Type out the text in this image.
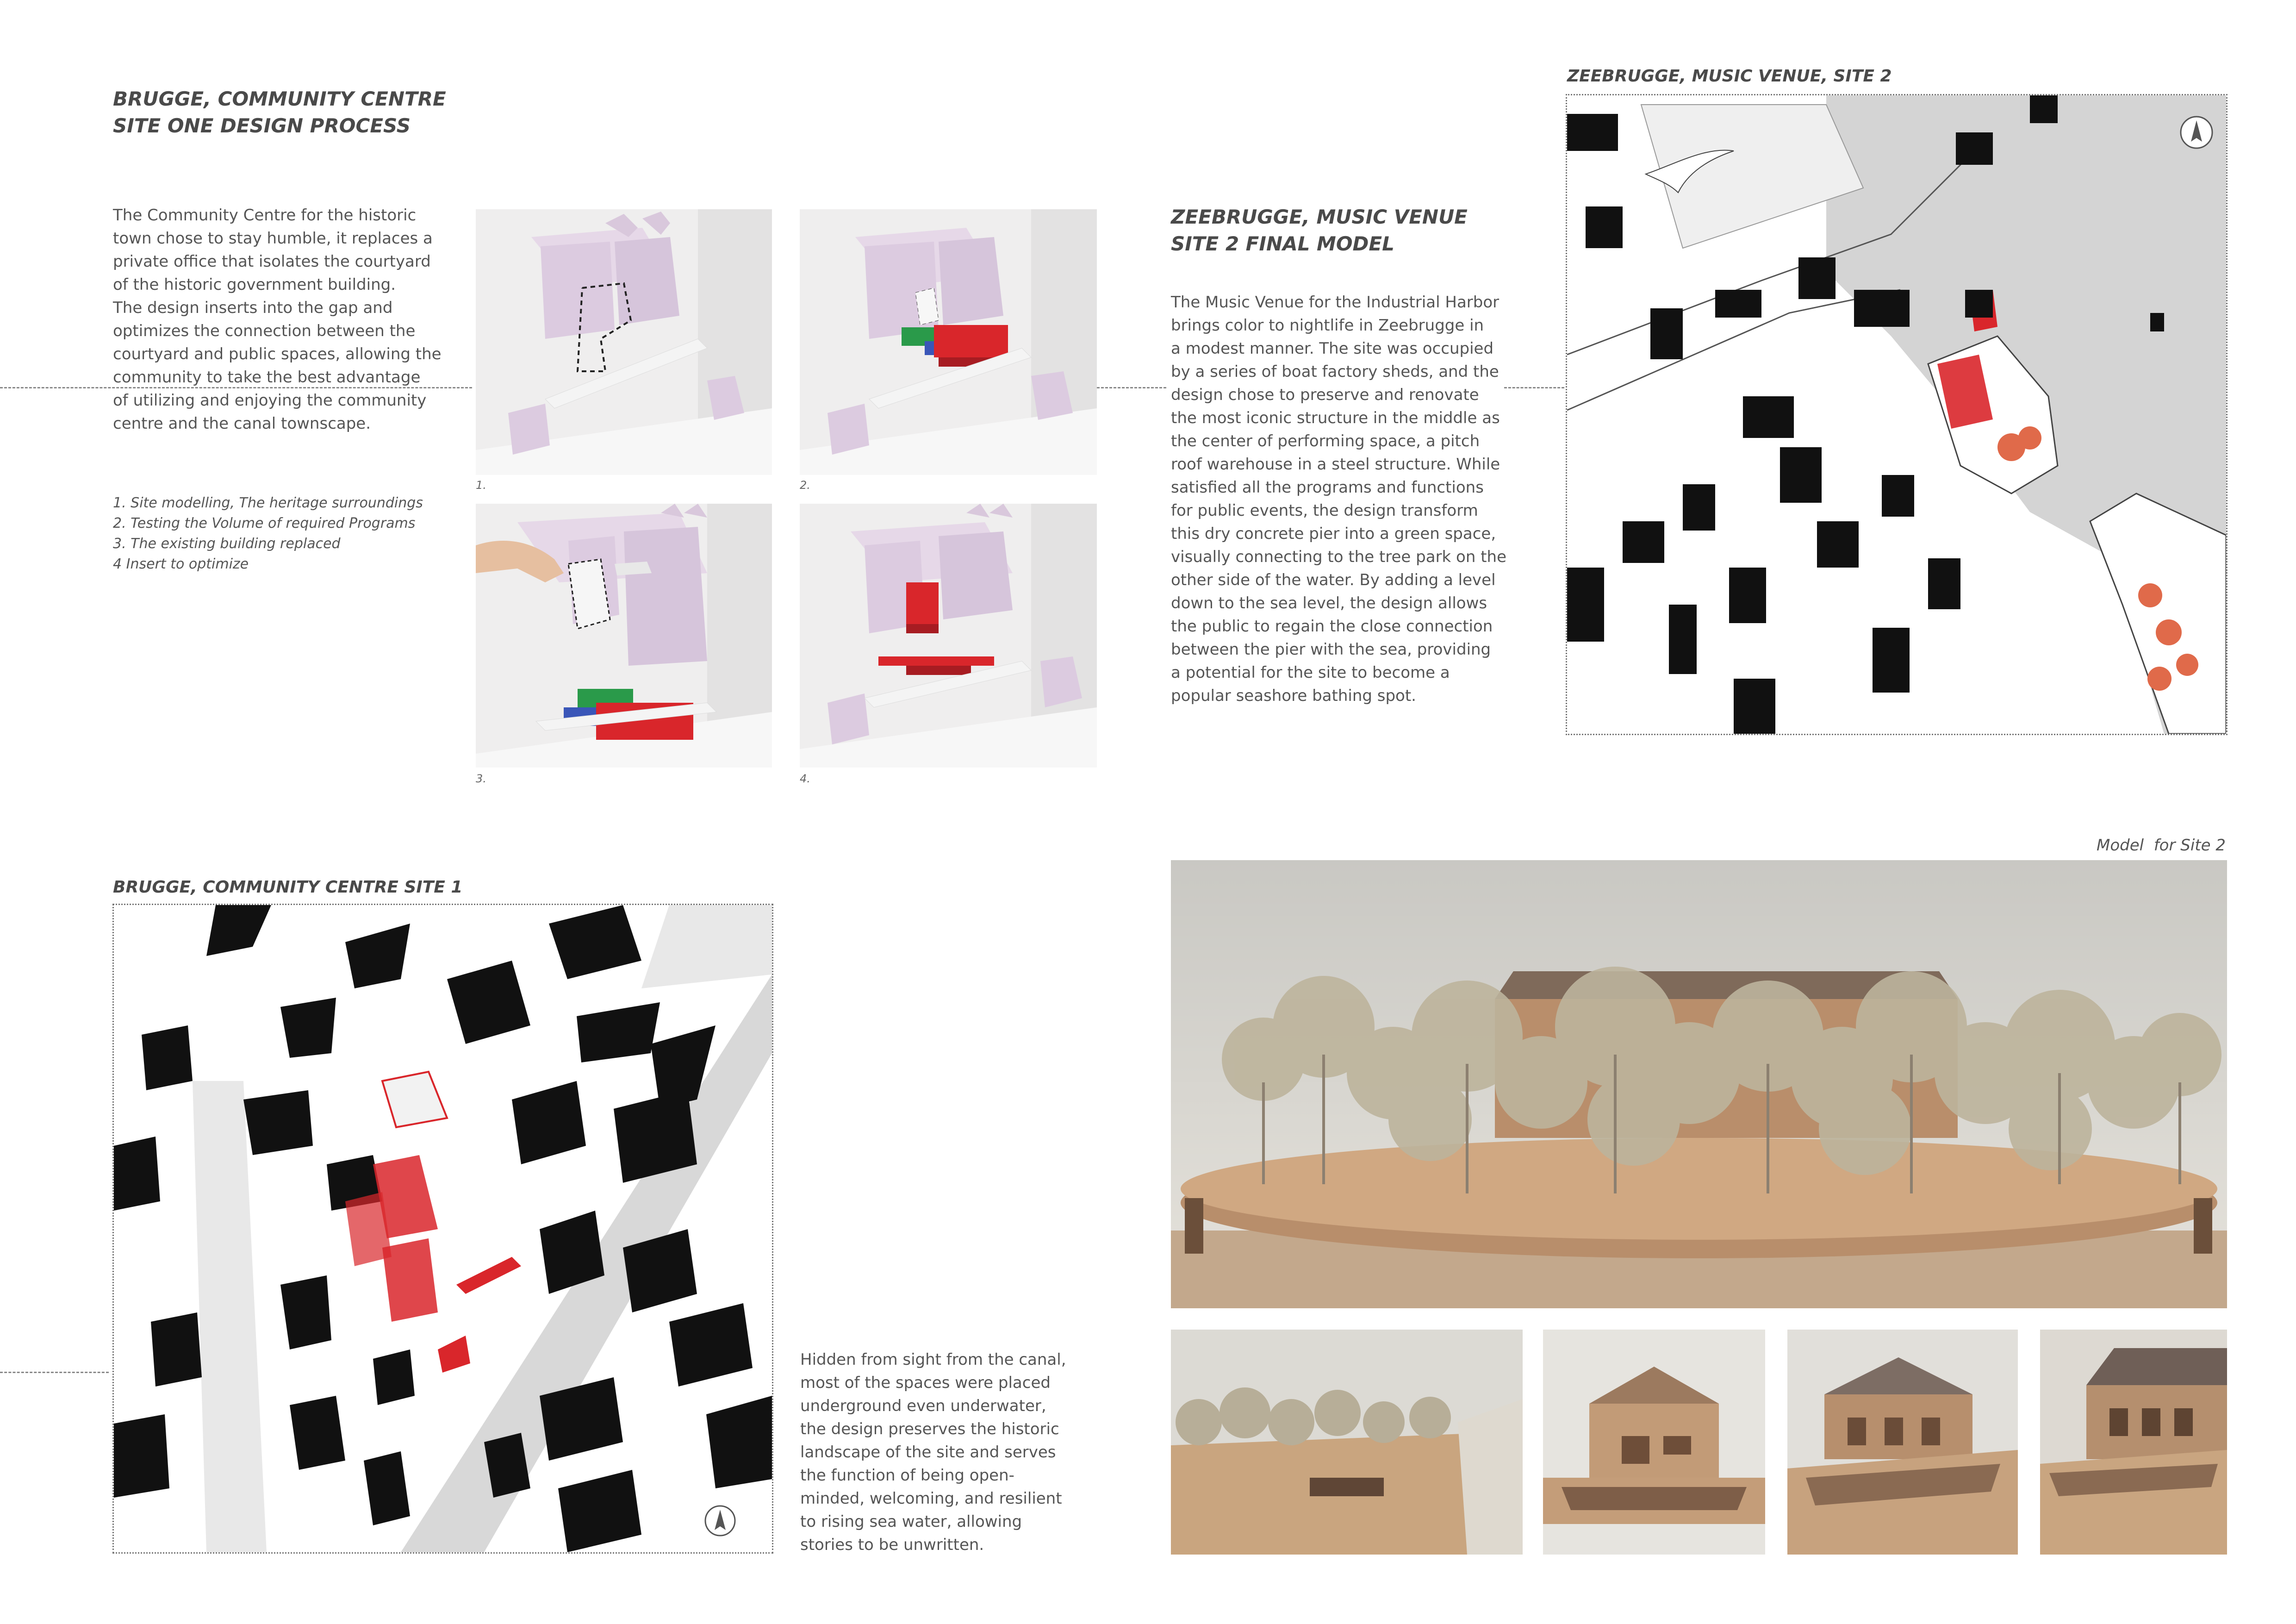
BRUGGE, COMMUNITY CENTRE
SITE ONE DESIGN PROCESS
The Community Centre for the historic
town chose to stay humble, it replaces a
private office that isolates the courtyard
of the historic government building.
The design inserts into the gap and
optimizes the connection between the
courtyard and public spaces, allowing the
community to take the best advantage
of utilizing and enjoying the community
centre and the canal townscape.
1. Site modelling, The heritage surroundings
2. Testing the Volume of required Programs
3. The existing building replaced
4 Insert to optimize
1.	2.
3.	4.
ZEEBRUGGE, MUSIC VENUE
SITE 2 FINAL MODEL
The Music Venue for the Industrial Harbor
brings color to nightlife in Zeebrugge in
a modest manner. The site was occupied
by a series of boat factory sheds, and the
design chose to preserve and renovate
the most iconic structure in the middle as
the center of performing space, a pitch
roof warehouse in a steel structure. While
satisfied all the programs and functions
for public events, the design transform
this dry concrete pier into a green space,
visually connecting to the tree park on the
other side of the water. By adding a level
down to the sea level, the design allows
the public to regain the close connection
between the pier with the sea, providing
a potential for the site to become a
popular seashore bathing spot.
ZEEBRUGGE, MUSIC VENUE, SITE 2
BRUGGE, COMMUNITY CENTRE SITE 1
Hidden from sight from the canal,
most of the spaces were placed
underground even underwater,
the design preserves the historic
landscape of the site and serves
the function of being open-
minded, welcoming, and resilient
to rising sea water, allowing
stories to be unwritten.
Model  for Site 2
